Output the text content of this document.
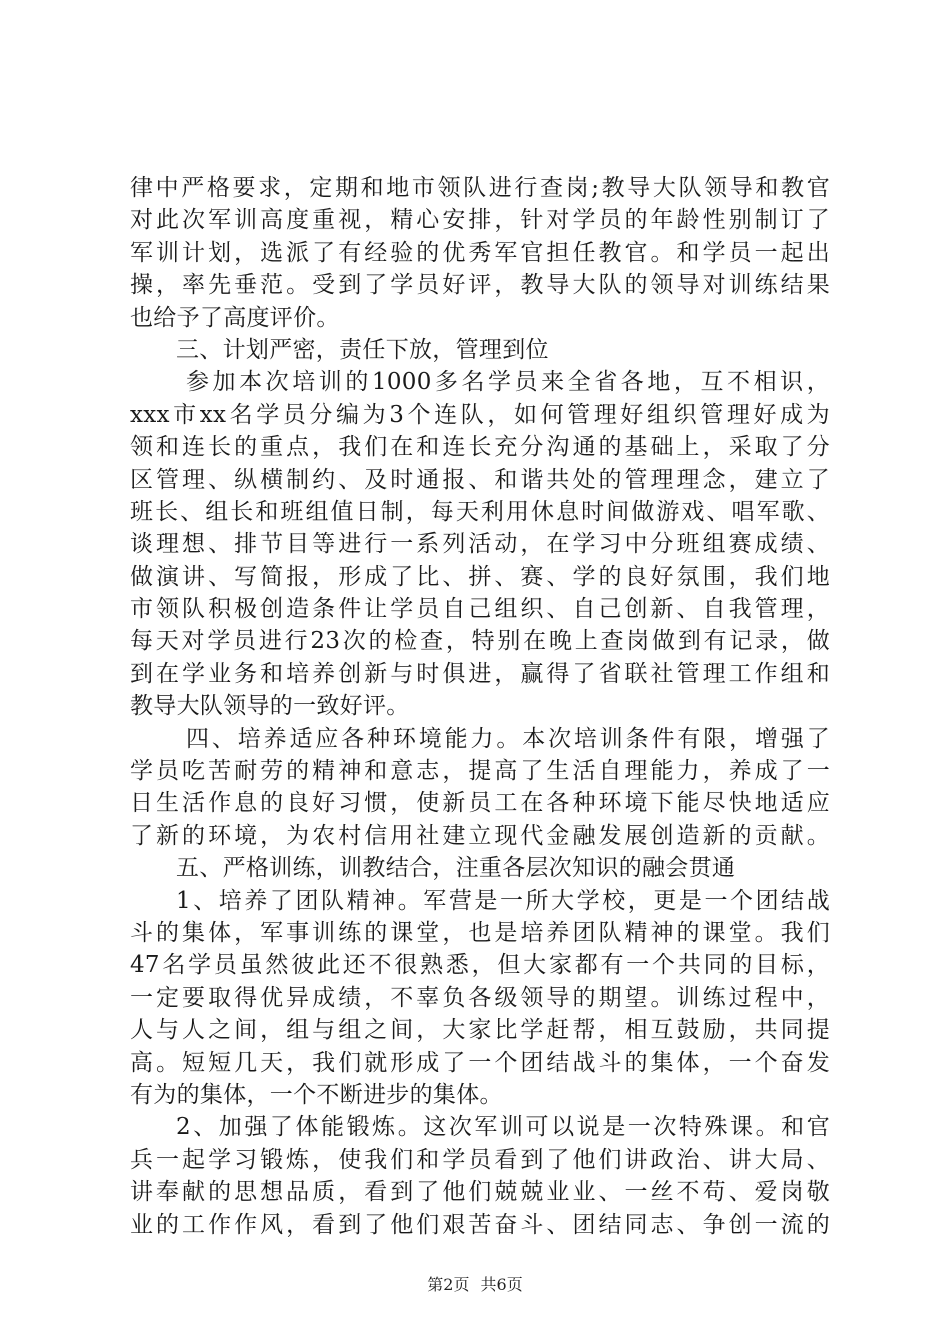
律中严格要求，定期和地市领队进行查岗;教导大队领导和教官
对此次军训高度重视，精心安排，针对学员的年龄性别制订了
军训计划，选派了有经验的优秀军官担任教官。和学员一起出
操，率先垂范。受到了学员好评，教导大队的领导对训练结果
也给予了高度评价。
三、计划严密，责任下放，管理到位
参加本次培训的1000多名学员来全省各地，互不相识，
xxx市xx名学员分编为3个连队，如何管理好组织管理好成为
领和连长的重点，我们在和连长充分沟通的基础上，采取了分
区管理、纵横制约、及时通报、和谐共处的管理理念，建立了
班长、组长和班组值日制，每天利用休息时间做游戏、唱军歌、
谈理想、排节目等进行一系列活动，在学习中分班组赛成绩、
做演讲、写简报，形成了比、拼、赛、学的良好氛围，我们地
市领队积极创造条件让学员自己组织、自己创新、自我管理，
每天对学员进行23次的检查，特别在晚上查岗做到有记录，做
到在学业务和培养创新与时俱进，赢得了省联社管理工作组和
教导大队领导的一致好评。
四、培养适应各种环境能力。本次培训条件有限，增强了
学员吃苦耐劳的精神和意志，提高了生活自理能力，养成了一
日生活作息的良好习惯，使新员工在各种环境下能尽快地适应
了新的环境，为农村信用社建立现代金融发展创造新的贡献。
五、严格训练，训教结合，注重各层次知识的融会贯通
1、培养了团队精神。军营是一所大学校，更是一个团结战
斗的集体，军事训练的课堂，也是培养团队精神的课堂。我们
47名学员虽然彼此还不很熟悉，但大家都有一个共同的目标，
一定要取得优异成绩，不辜负各级领导的期望。训练过程中，
人与人之间，组与组之间，大家比学赶帮，相互鼓励，共同提
高。短短几天，我们就形成了一个团结战斗的集体，一个奋发
有为的集体，一个不断进步的集体。
2、加强了体能锻炼。这次军训可以说是一次特殊课。和官
兵一起学习锻炼，使我们和学员看到了他们讲政治、讲大局、
讲奉献的思想品质，看到了他们兢兢业业、一丝不苟、爱岗敬
业的工作作风，看到了他们艰苦奋斗、团结同志、争创一流的
第2页 共6页
